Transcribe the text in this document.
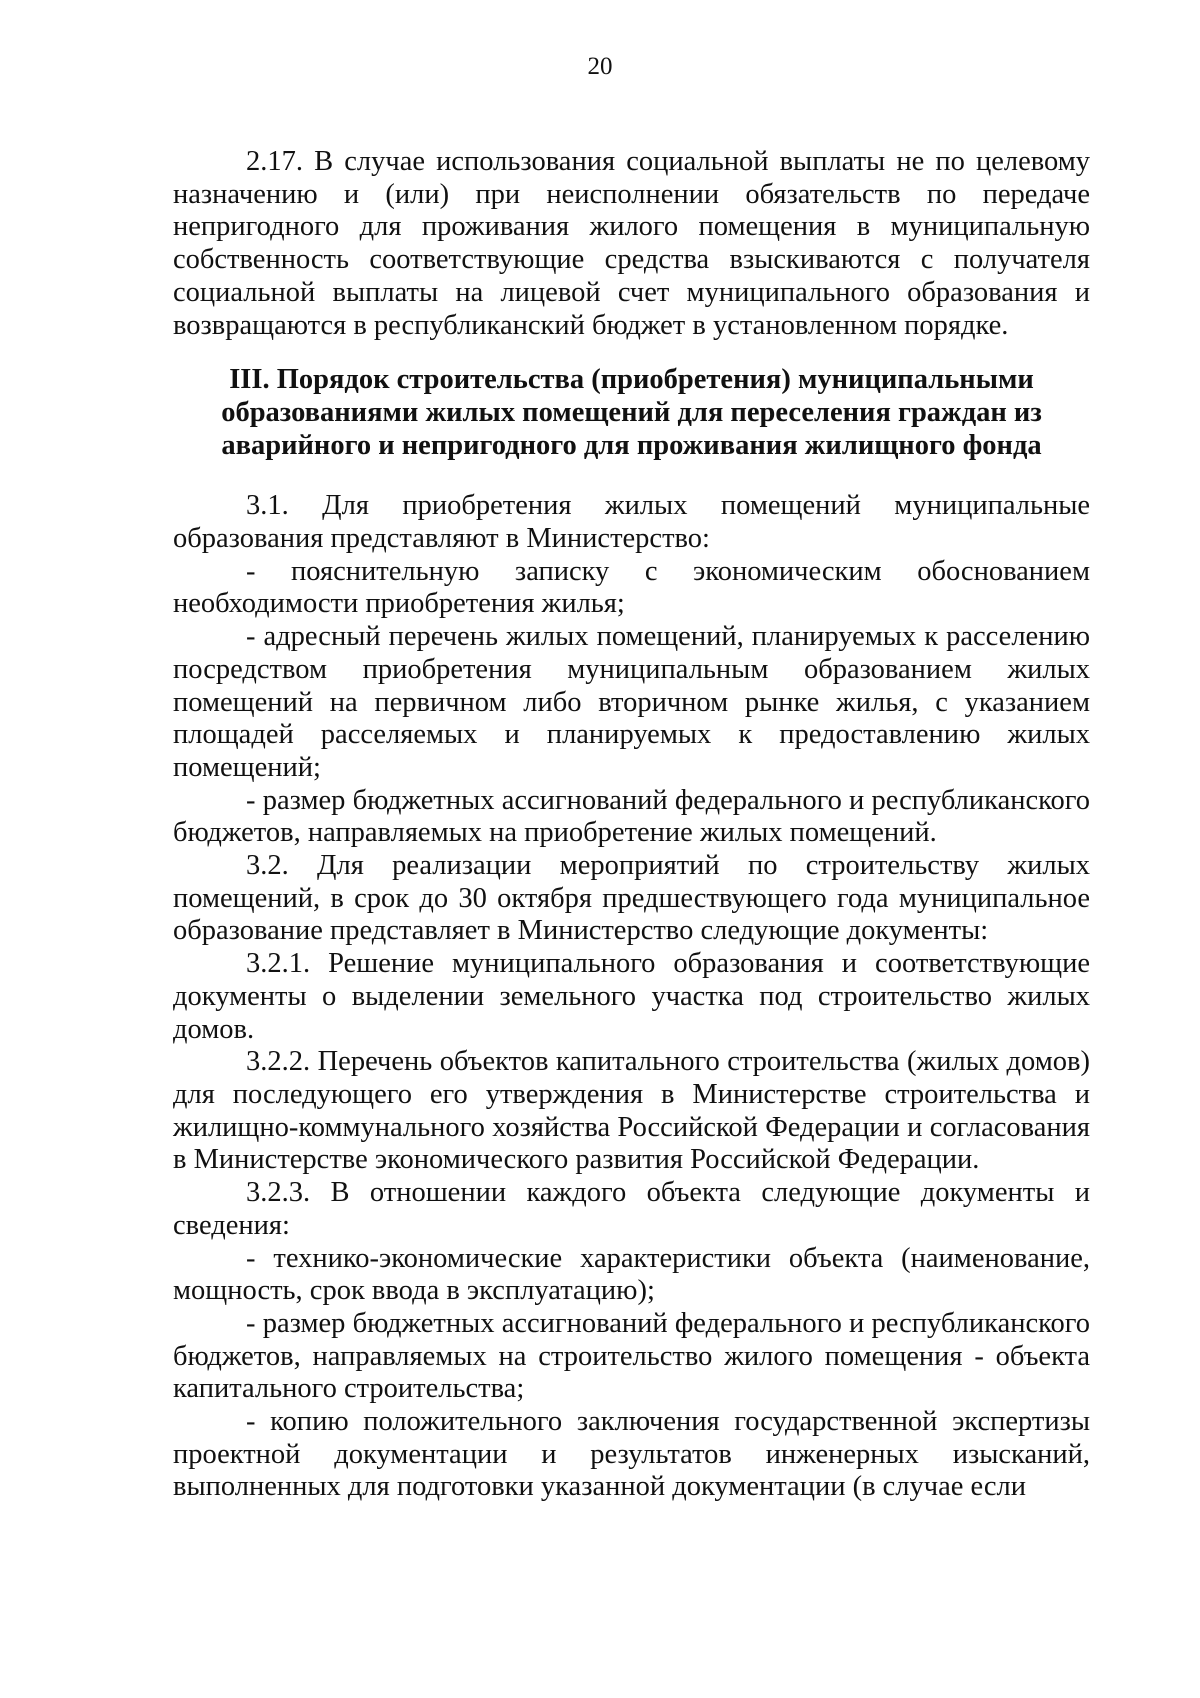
20

2.17. В случае использования социальной выплаты не по целевому назначению и (или) при неисполнении обязательств по передаче непригодного для проживания жилого помещения в муниципальную собственность соответствующие средства взыскиваются с получателя социальной выплаты на лицевой счет муниципального образования и возвращаются в республиканский бюджет в установленном порядке.

III. Порядок строительства (приобретения) муниципальными
образованиями жилых помещений для переселения граждан из
аварийного и непригодного для проживания жилищного фонда

3.1. Для приобретения жилых помещений муниципальные образования представляют в Министерство:

- пояснительную записку с экономическим обоснованием необходимости приобретения жилья;

- адресный перечень жилых помещений, планируемых к расселению посредством приобретения муниципальным образованием жилых помещений на первичном либо вторичном рынке жилья, с указанием площадей расселяемых и планируемых к предоставлению жилых помещений;

- размер бюджетных ассигнований федерального и республиканского бюджетов, направляемых на приобретение жилых помещений.

3.2. Для реализации мероприятий по строительству жилых помещений, в срок до 30 октября предшествующего года муниципальное образование представляет в Министерство следующие документы:

3.2.1. Решение муниципального образования и соответствующие документы о выделении земельного участка под строительство жилых домов.

3.2.2. Перечень объектов капитального строительства (жилых домов) для последующего его утверждения в Министерстве строительства и жилищно-коммунального хозяйства Российской Федерации и согласования в Министерстве экономического развития Российской Федерации.

3.2.3. В отношении каждого объекта следующие документы и сведения:

- технико-экономические характеристики объекта (наименование, мощность, срок ввода в эксплуатацию);

- размер бюджетных ассигнований федерального и республиканского бюджетов, направляемых на строительство жилого помещения - объекта капитального строительства;

- копию положительного заключения государственной экспертизы проектной документации и результатов инженерных изысканий, выполненных для подготовки указанной документации (в случае если
